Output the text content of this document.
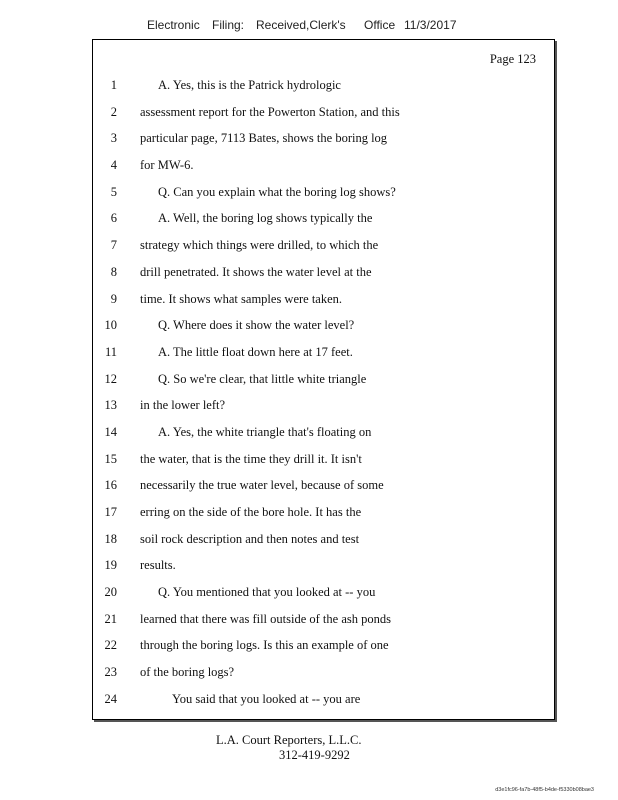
Electronic Filing: Received,Clerk's Office 11/3/2017
Page 123
1	A. Yes, this is the Patrick hydrologic
2 assessment report for the Powerton Station, and this
3 particular page, 7113 Bates, shows the boring log
4 for MW-6.
5	Q. Can you explain what the boring log shows?
6	A. Well, the boring log shows typically the
7 strategy which things were drilled, to which the
8 drill penetrated. It shows the water level at the
9 time. It shows what samples were taken.
10	Q. Where does it show the water level?
11	A. The little float down here at 17 feet.
12	Q. So we're clear, that little white triangle
13 in the lower left?
14	A. Yes, the white triangle that's floating on
15 the water, that is the time they drill it. It isn't
16 necessarily the true water level, because of some
17 erring on the side of the bore hole. It has the
18 soil rock description and then notes and test
19 results.
20	Q. You mentioned that you looked at -- you
21 learned that there was fill outside of the ash ponds
22 through the boring logs. Is this an example of one
23 of the boring logs?
24	You said that you looked at -- you are
L.A. Court Reporters, L.L.C.
312-419-9292
d3e1fc96-fa7b-48f5-b4de-f5330b08bae3
